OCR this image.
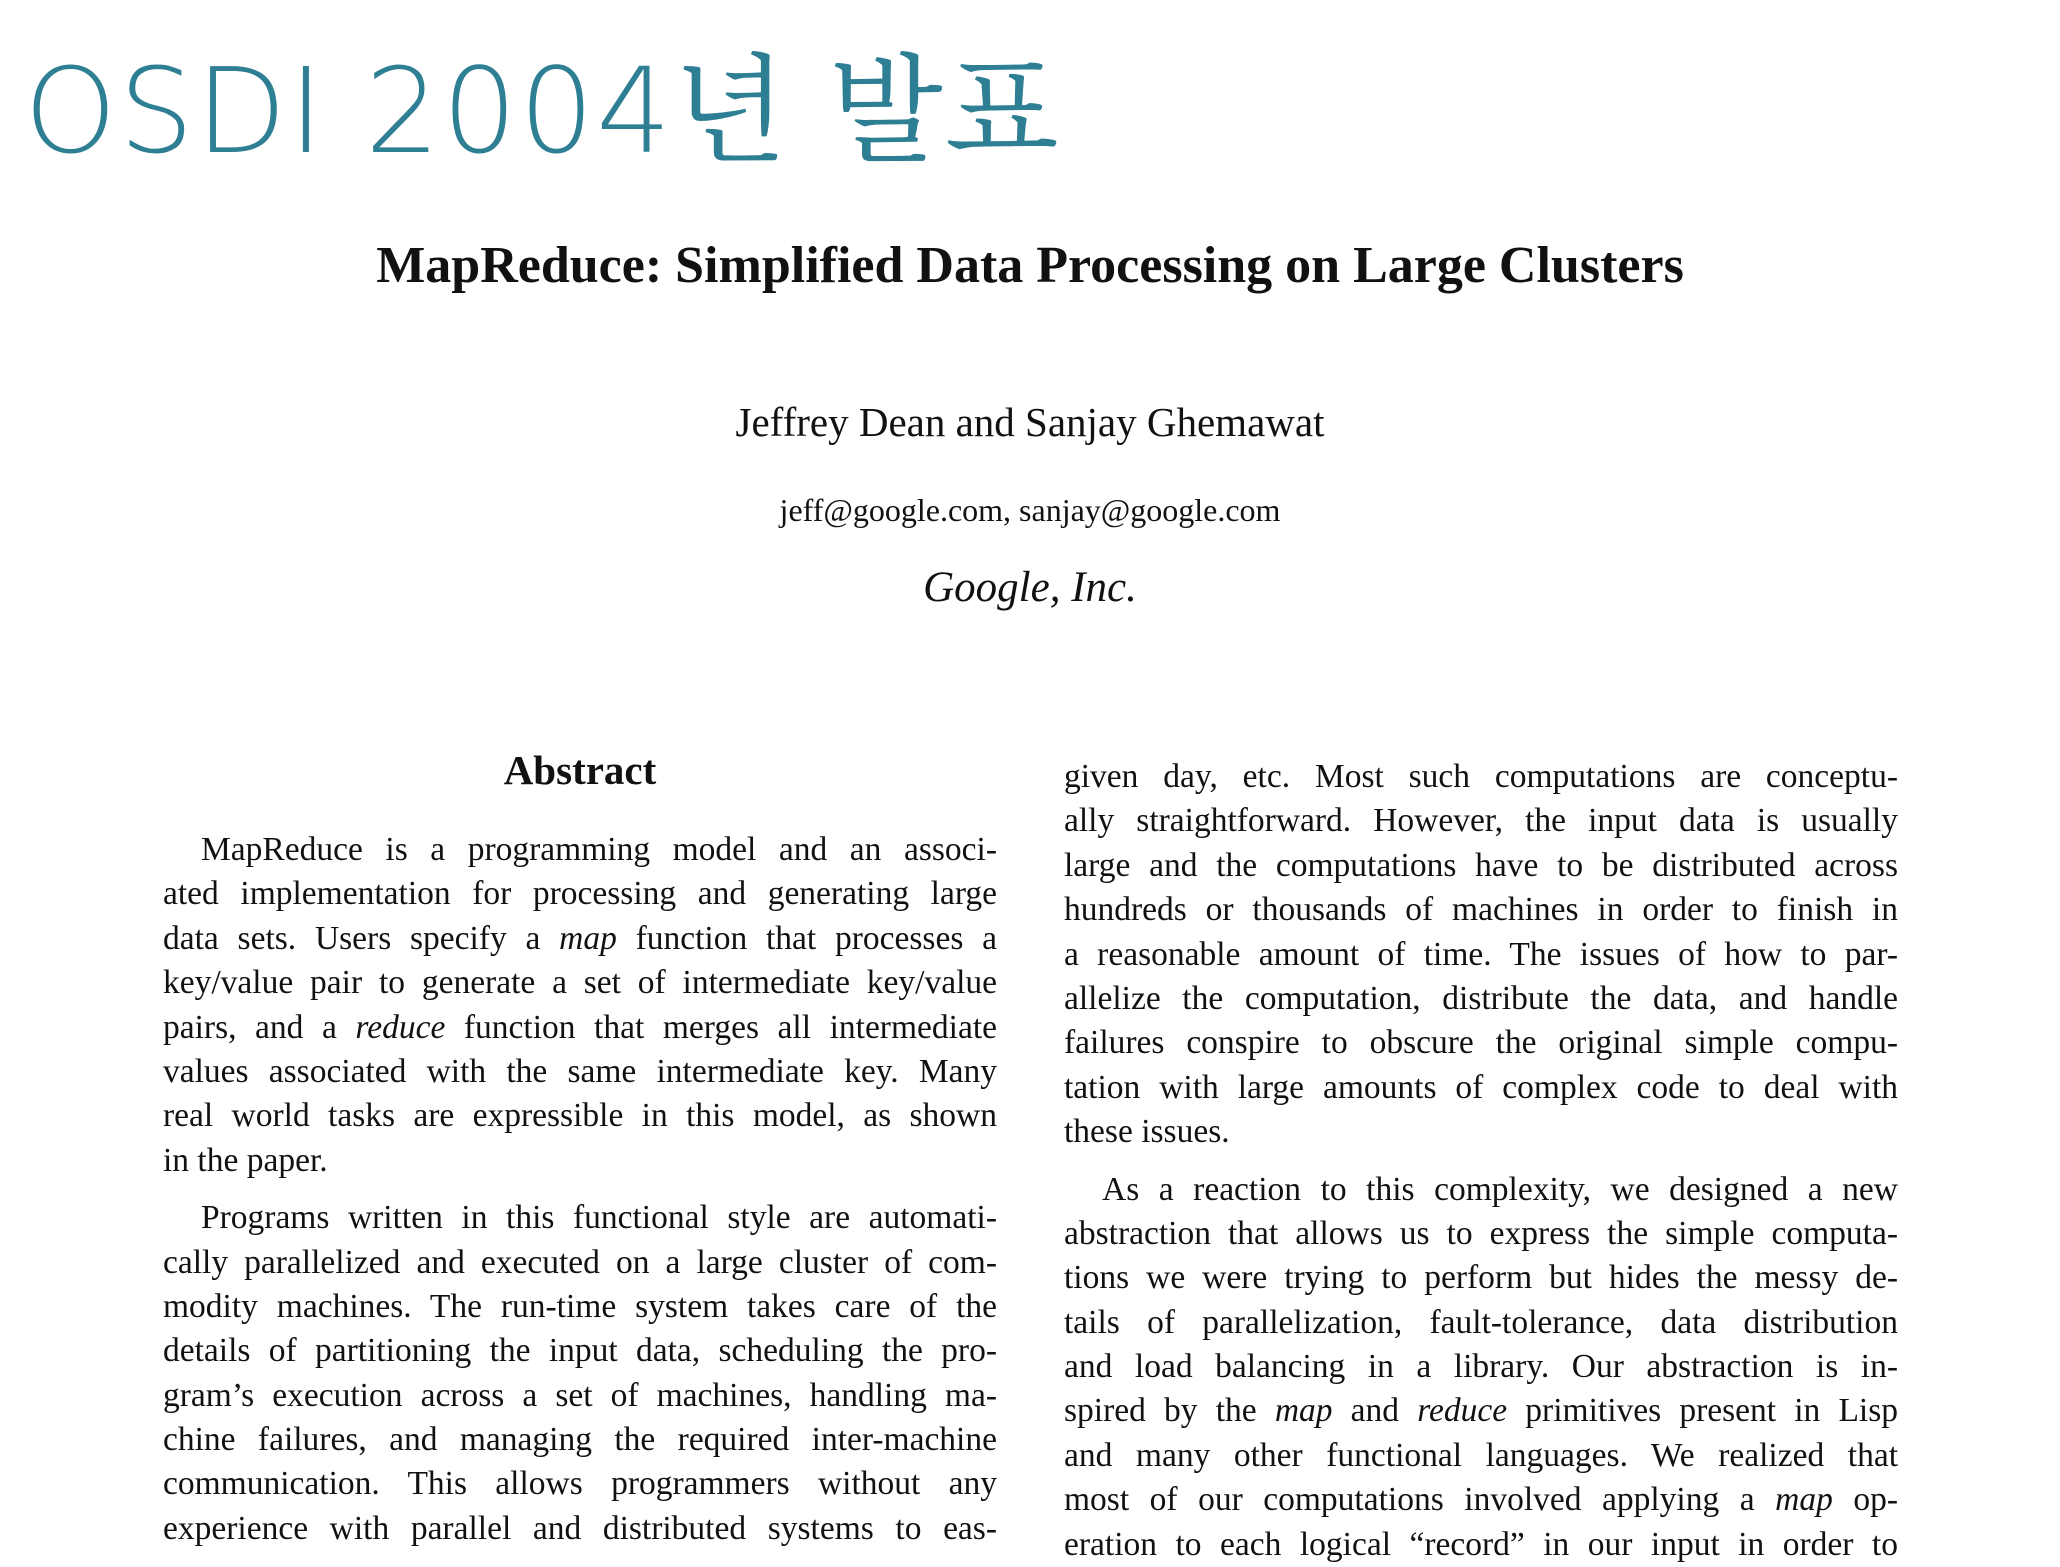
OSDI 2004년 발표
MapReduce: Simplified Data Processing on Large Clusters
Jeffrey Dean and Sanjay Ghemawat
jeff@google.com, sanjay@google.com
Google, Inc.
Abstract

MapReduce is a programming model and an associ-
ated implementation for processing and generating large
data sets. Users specify a map function that processes a
key/value pair to generate a set of intermediate key/value
pairs, and a reduce function that merges all intermediate
values associated with the same intermediate key. Many
real world tasks are expressible in this model, as shown
in the paper.

Programs written in this functional style are automati-
cally parallelized and executed on a large cluster of com-
modity machines. The run-time system takes care of the
details of partitioning the input data, scheduling the pro-
gram’s execution across a set of machines, handling ma-
chine failures, and managing the required inter-machine
communication. This allows programmers without any
experience with parallel and distributed systems to eas-

given day, etc. Most such computations are conceptu-
ally straightforward. However, the input data is usually
large and the computations have to be distributed across
hundreds or thousands of machines in order to finish in
a reasonable amount of time. The issues of how to par-
allelize the computation, distribute the data, and handle
failures conspire to obscure the original simple compu-
tation with large amounts of complex code to deal with
these issues.

As a reaction to this complexity, we designed a new
abstraction that allows us to express the simple computa-
tions we were trying to perform but hides the messy de-
tails of parallelization, fault-tolerance, data distribution
and load balancing in a library. Our abstraction is in-
spired by the map and reduce primitives present in Lisp
and many other functional languages. We realized that
most of our computations involved applying a map op-
eration to each logical “record” in our input in order to
